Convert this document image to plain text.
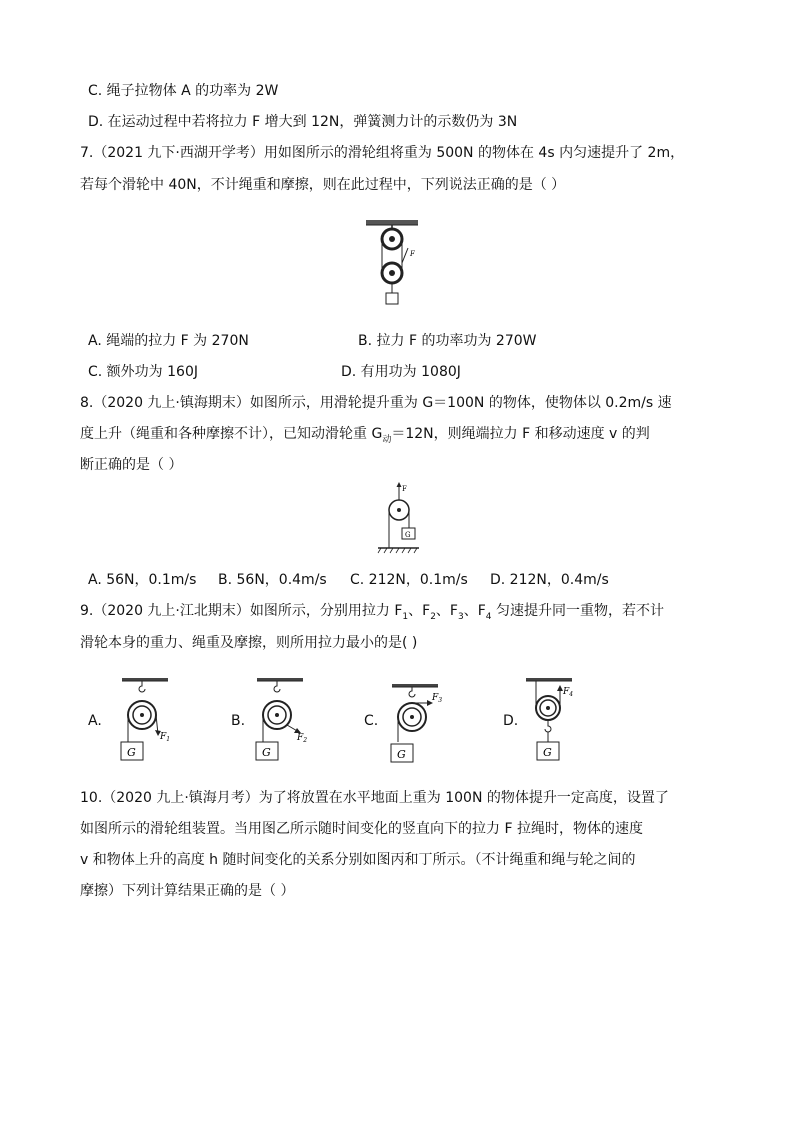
C. 绳子拉物体 A 的功率为 2W
D. 在运动过程中若将拉力 F 增大到 12N，弹簧测力计的示数仍为 3N
7.（2021 九下·西湖开学考）用如图所示的滑轮组将重为 500N 的物体在 4s 内匀速提升了 2m，
若每个滑轮中 40N，不计绳重和摩擦，则在此过程中，下列说法正确的是（ ）
F
A. 绳端的拉力 F 为 270N	B. 拉力 F 的功率功为 270W
C. 额外功为 160J	D. 有用功为 1080J
8.（2020 九上·镇海期末）如图所示，用滑轮提升重为 G＝100N 的物体，使物体以 0.2m/s 速
度上升（绳重和各种摩擦不计），已知动滑轮重 $G_动=12N$，则绳端拉力 F 和移动速度 v 的判
断正确的是（ ）
F
G
A. 56N，0.1m/s B. 56N，0.4m/s C. 212N，0.1m/s D. 212N，0.4m/s
9.（2020 九上·江北期末）如图所示，分别用拉力 $F_1$、$F_2$、$F_3$、$F_4$ 匀速提升同一重物，若不计
滑轮本身的重力、绳重及摩擦，则所用拉力最小的是( )
A.
$F_1$
G
B.
$F_2$
G
C.
$F_3$
G
D.
$F_4$
G
10.（2020 九上·镇海月考）为了将放置在水平地面上重为 100N 的物体提升一定高度，设置了
如图所示的滑轮组装置。当用图乙所示随时间变化的竖直向下的拉力 F 拉绳时，物体的速度
v 和物体上升的高度 h 随时间变化的关系分别如图丙和丁所示。（不计绳重和绳与轮之间的
摩擦）下列计算结果正确的是（ ）
